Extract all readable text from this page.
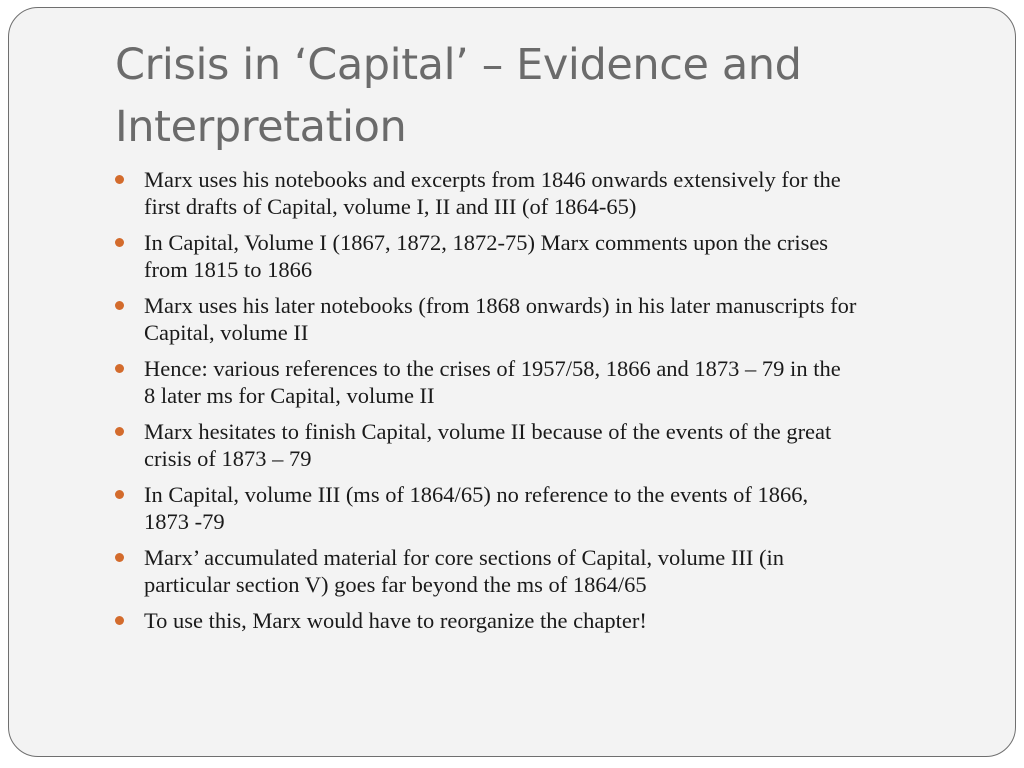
Crisis in ‘Capital’ – Evidence and
Interpretation
Marx uses his notebooks and excerpts from 1846 onwards extensively for the
first drafts of Capital, volume I, II and III (of 1864-65)
In Capital, Volume I (1867, 1872, 1872-75) Marx comments upon the crises
from 1815 to 1866
Marx uses his later notebooks (from 1868 onwards) in his later manuscripts for
Capital, volume II
Hence: various references to the crises of 1957/58, 1866 and 1873 – 79 in the
8 later ms for Capital, volume II
Marx hesitates to finish Capital, volume II because of the events of the great
crisis of 1873 – 79
In Capital, volume III (ms of 1864/65) no reference to the events of 1866,
1873 -79
Marx’ accumulated material for core sections of Capital, volume III (in
particular section V) goes far beyond the ms of 1864/65
To use this, Marx would have to reorganize the chapter!
